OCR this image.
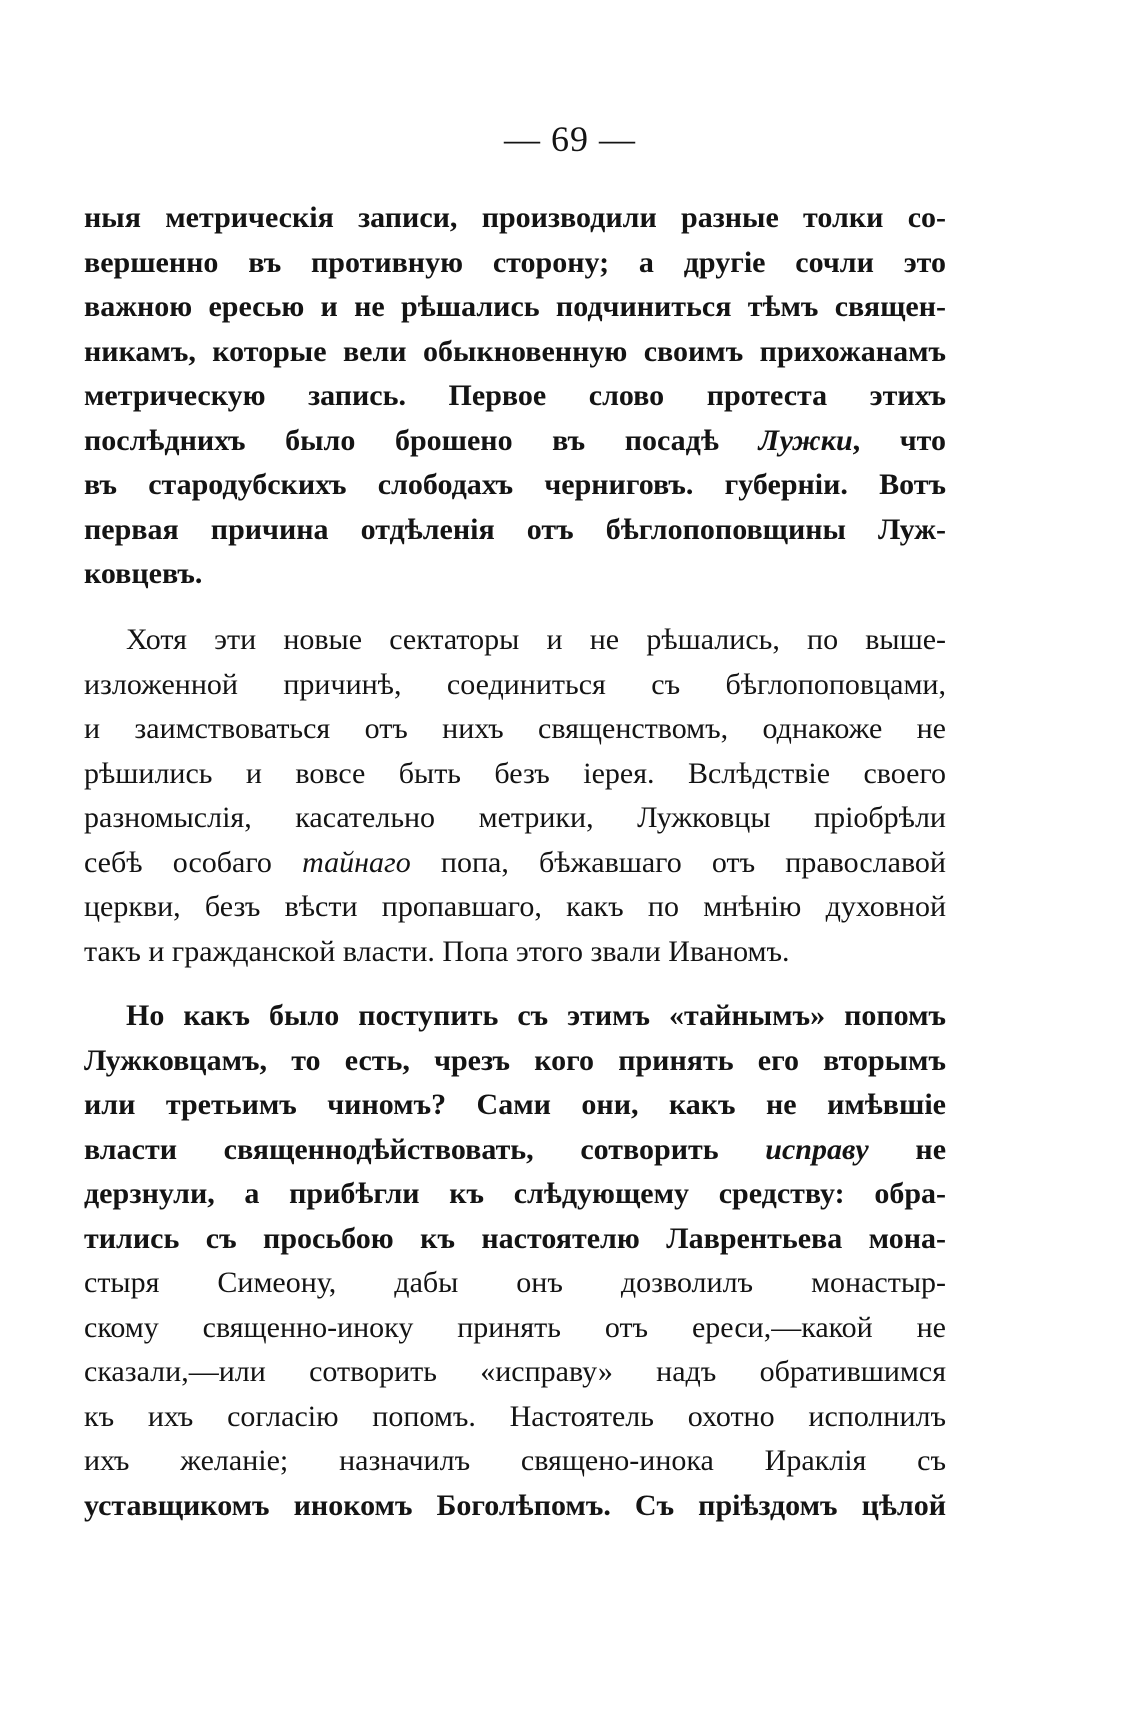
— 69 —
ныя метрическія записи, производили разные толки со-
вершенно въ противную сторону; а другіе сочли это
важною ересью и не рѣшались подчиниться тѣмъ священ-
никамъ, которые вели обыкновенную своимъ прихожанамъ
метрическую запись. Первое слово протеста этихъ
послѣднихъ было брошено въ посадѣ Лужки, что
въ стародубскихъ слободахъ черниговъ. губерніи. Вотъ
первая причина отдѣленія отъ бѣглопоповщины Луж-
ковцевъ.
Хотя эти новые сектаторы и не рѣшались, по выше-
изложенной причинѣ, соединиться съ бѣглопоповцами,
и заимствоваться отъ нихъ священствомъ, однакоже не
рѣшились и вовсе быть безъ іерея. Вслѣдствіе своего
разномыслія, касательно метрики, Лужковцы пріобрѣли
себѣ особаго тайнаго попа, бѣжавшаго отъ православой
церкви, безъ вѣсти пропавшаго, какъ по мнѣнію духовной
такъ и гражданской власти. Попа этого звали Иваномъ.
Но какъ было поступить съ этимъ «тайнымъ» попомъ
Лужковцамъ, то есть, чрезъ кого принять его вторымъ
или третьимъ чиномъ? Сами они, какъ не имѣвшіе
власти священнодѣйствовать, сотворить исправу не
дерзнули, а прибѣгли къ слѣдующему средству: обра-
тились съ просьбою къ настоятелю Лаврентьева мона-
стыря Симеону, дабы онъ дозволилъ монастыр-
скому священно-иноку принять отъ ереси,—какой не
сказали,—или сотворить «исправу» надъ обратившимся
къ ихъ согласію попомъ. Настоятель охотно исполнилъ
ихъ желаніе; назначилъ священо-инока Ираклія съ
уставщикомъ инокомъ Боголѣпомъ. Съ пріѣздомъ цѣлой
